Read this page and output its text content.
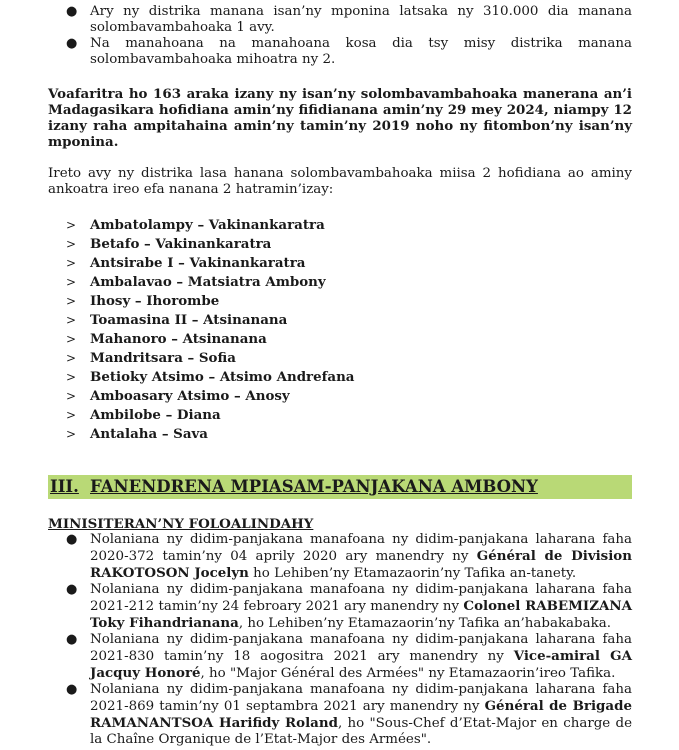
● Ary ny distrika manana isan’ny mponina latsaka ny 310.000 dia manana solombavambahoaka 1 avy.
● Na manahoana na manahoana kosa dia tsy misy distrika manana solombavambahoaka mihoatra ny 2.

Voafaritra ho 163 araka izany ny isan’ny solombavambahoaka manerana an’i Madagasikara hofidiana amin’ny fifidianana amin’ny 29 mey 2024, niampy 12 izany raha ampitahaina amin’ny tamin’ny 2019 noho ny fitombon’ny isan’ny mponina.

Ireto avy ny distrika lasa hanana solombavambahoaka miisa 2 hofidiana ao aminy ankoatra ireo efa nanana 2 hatramin’izay:

> Ambatolampy – Vakinankaratra
> Betafo – Vakinankaratra
> Antsirabe I – Vakinankaratra
> Ambalavao – Matsiatra Ambony
> Ihosy – Ihorombe
> Toamasina II – Atsinanana
> Mahanoro – Atsinanana
> Mandritsara – Sofia
> Betioky Atsimo – Atsimo Andrefana
> Amboasary Atsimo – Anosy
> Ambilobe – Diana
> Antalaha – Sava
III. FANENDRENA MPIASAM-PANJAKANA AMBONY

MINISITERAN’NY FOLOALINDAHY

● Nolaniana ny didim-panjakana manafoana ny didim-panjakana laharana faha 2020-372 tamin’ny 04 aprily 2020 ary manendry ny Général de Division RAKOTOSON Jocelyn ho Lehiben’ny Etamazaorin’ny Tafika an-tanety.
● Nolaniana ny didim-panjakana manafoana ny didim-panjakana laharana faha 2021-212 tamin’ny 24 febroary 2021 ary manendry ny Colonel RABEMIZANA Toky Fihandrianana, ho Lehiben’ny Etamazaorin’ny Tafika an’habakabaka.
● Nolaniana ny didim-panjakana manafoana ny didim-panjakana laharana faha 2021-830 tamin’ny 18 aogositra 2021 ary manendry ny Vice-amiral GA Jacquy Honoré, ho "Major Général des Armées" ny Etamazaorin’ireo Tafika.
● Nolaniana ny didim-panjakana manafoana ny didim-panjakana laharana faha 2021-869 tamin’ny 01 septambra 2021 ary manendry ny Général de Brigade RAMANANTSOA Harifidy Roland, ho "Sous-Chef d’Etat-Major en charge de la Chaîne Organique de l’Etat-Major des Armées".
